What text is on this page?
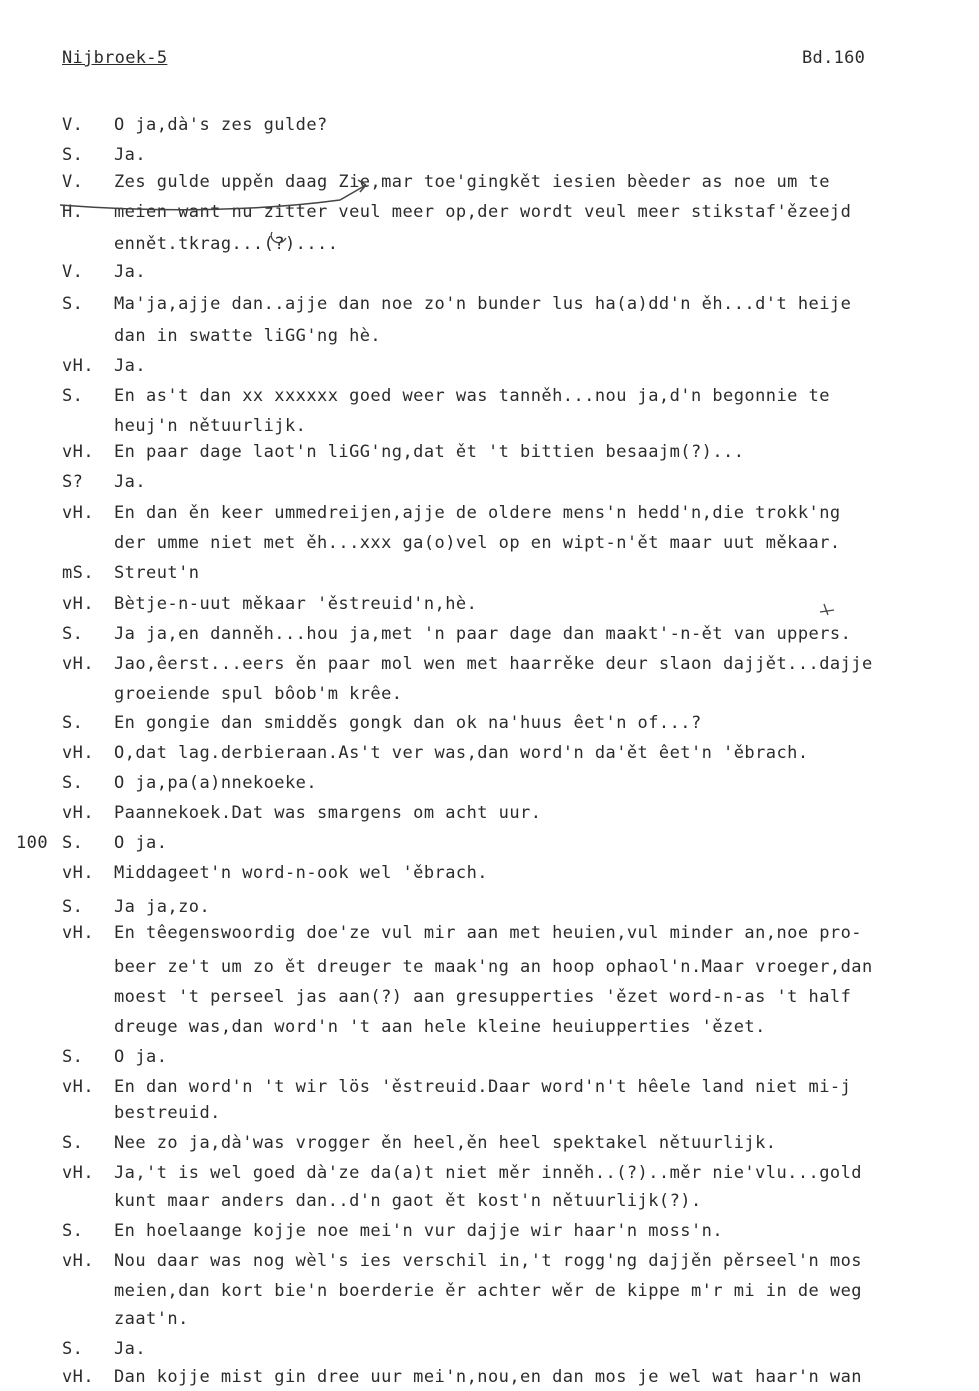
Nijbroek-5	Bd.160
V. O ja,dà's zes gulde?
S. Ja.
V. Zes gulde uppěn daag Zie,mar toe'gingkět iesien bèeder as noe um te
H. meien want nu zitter veul meer op,der wordt veul meer stikstaf'ězeejd
ennět.tkrag...(?)....
V. Ja.
S. Ma'ja,ajje dan..ajje dan noe zo'n bunder lus ha(a)dd'n ěh...d't heije
dan in swatte liGG'ng hè.
vH. Ja.
S. En as't dan xx xxxxxx goed weer was tanněh...nou ja,d'n begonnie te
heuj'n nětuurlijk.
vH. En paar dage laot'n liGG'ng,dat ět 't bittien besaajm(?)...
S? Ja.
vH. En dan ěn keer ummedreijen,ajje de oldere mens'n hedd'n,die trokk'ng
der umme niet met ěh...xxx ga(o)vel op en wipt-n'ět maar uut měkaar.
mS. Streut'n
vH. Bètje-n-uut měkaar 'ěstreuid'n,hè.
S. Ja ja,en danněh...hou ja,met 'n paar dage dan maakt'-n-ět van uppers.
vH. Jao,êerst...eers ěn paar mol wen met haarrěke deur slaon dajjět...dajje
groeiende spul bôob'm krêe.
S. En gongie dan smidděs gongk dan ok na'huus êet'n of...?
vH. O,dat lag.derbieraan.As't ver was,dan word'n da'ět êet'n 'ěbrach.
S. O ja,pa(a)nnekoeke.
vH. Paannekoek.Dat was smargens om acht uur.
100 S. O ja.
vH. Middageet'n word-n-ook wel 'ěbrach.
S. Ja ja,zo.
vH. En têegenswoordig doe'ze vul mir aan met heuien,vul minder an,noe pro-
beer ze't um zo ět dreuger te maak'ng an hoop ophaol'n.Maar vroeger,dan
moest 't perseel jas aan(?) aan gresupperties 'ězet word-n-as 't half
dreuge was,dan word'n 't aan hele kleine heuiupperties 'ězet.
S. O ja.
vH. En dan word'n 't wir lös 'ěstreuid.Daar word'n't hêele land niet mi-j
bestreuid.
S. Nee zo ja,dà'was vrogger ěn heel,ěn heel spektakel nětuurlijk.
vH. Ja,'t is wel goed dà'ze da(a)t niet měr inněh..(?)..měr nie'vlu...gold
kunt maar anders dan..d'n gaot ět kost'n nětuurlijk(?).
S. En hoelaange kojje noe mei'n vur dajje wir haar'n moss'n.
vH. Nou daar was nog wèl's ies verschil in,'t rogg'ng dajjěn pěrseel'n mos
meien,dan kort bie'n boerderie ěr achter wěr de kippe m'r mi in de weg
zaat'n.
S. Ja.
vH. Dan kojje mist gin dree uur mei'n,nou,en dan mos je wel wat haar'n wan
